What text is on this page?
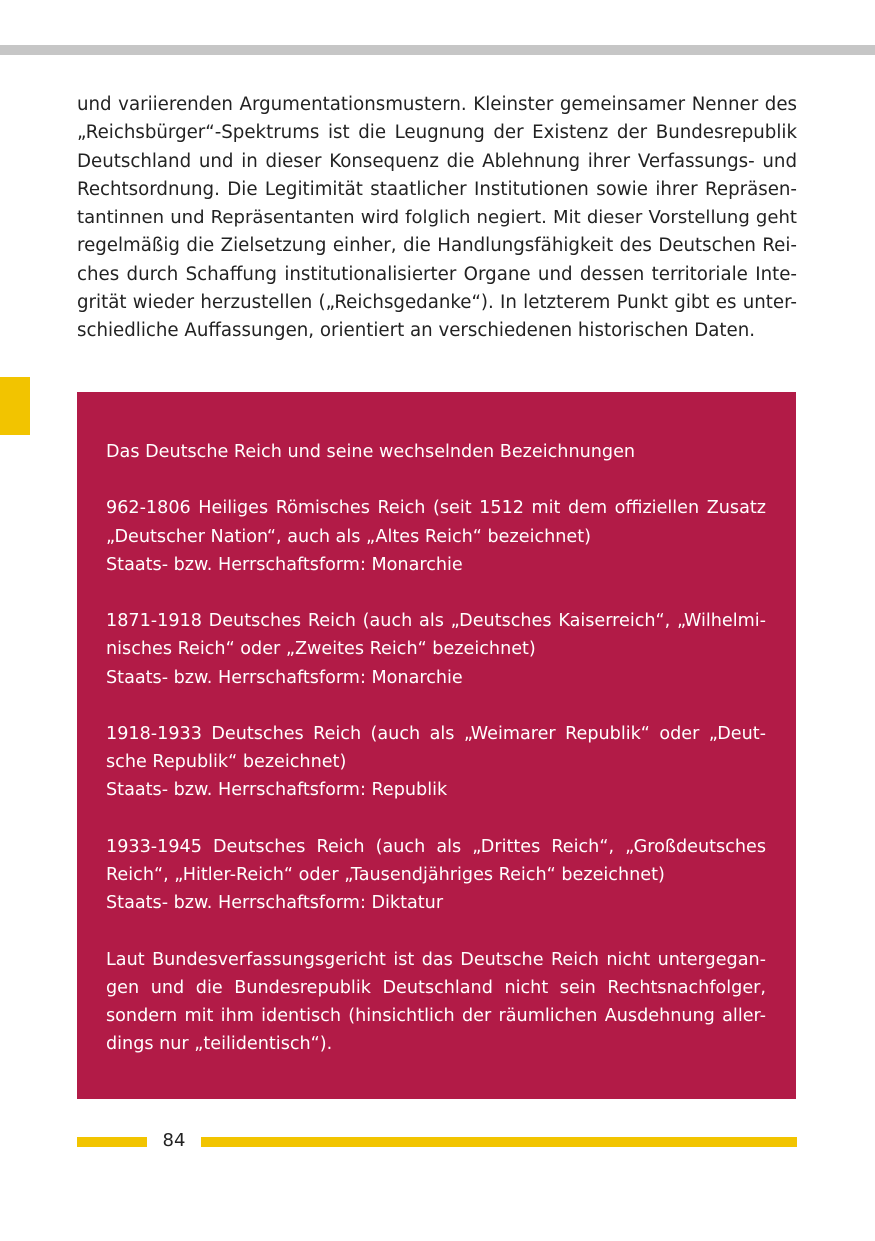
und variierenden Argumentationsmustern. Kleinster gemeinsamer Nenner des
„Reichsbürger“-Spektrums ist die Leugnung der Existenz der Bundesrepublik
Deutschland und in dieser Konsequenz die Ablehnung ihrer Verfassungs- und
Rechtsordnung. Die Legitimität staatlicher Institutionen sowie ihrer Repräsen-
tantinnen und Repräsentanten wird folglich negiert. Mit dieser Vorstellung geht
regelmäßig die Zielsetzung einher, die Handlungsfähigkeit des Deutschen Rei-
ches durch Schaffung institutionalisierter Organe und dessen territoriale Inte-
grität wieder herzustellen („Reichsgedanke“). In letzterem Punkt gibt es unter-
schiedliche Auffassungen, orientiert an verschiedenen historischen Daten.
Das Deutsche Reich und seine wechselnden Bezeichnungen
962-1806 Heiliges Römisches Reich (seit 1512 mit dem offiziellen Zusatz
„Deutscher Nation“, auch als „Altes Reich“ bezeichnet)
Staats- bzw. Herrschaftsform: Monarchie
1871-1918 Deutsches Reich (auch als „Deutsches Kaiserreich“, „Wilhelmi-
nisches Reich“ oder „Zweites Reich“ bezeichnet)
Staats- bzw. Herrschaftsform: Monarchie
1918-1933 Deutsches Reich (auch als „Weimarer Republik“ oder „Deut-
sche Republik“ bezeichnet)
Staats- bzw. Herrschaftsform: Republik
1933-1945 Deutsches Reich (auch als „Drittes Reich“, „Großdeutsches
Reich“, „Hitler-Reich“ oder „Tausendjähriges Reich“ bezeichnet)
Staats- bzw. Herrschaftsform: Diktatur
Laut Bundesverfassungsgericht ist das Deutsche Reich nicht untergegan-
gen und die Bundesrepublik Deutschland nicht sein Rechtsnachfolger,
sondern mit ihm identisch (hinsichtlich der räumlichen Ausdehnung aller-
dings nur „teilidentisch“).
84
